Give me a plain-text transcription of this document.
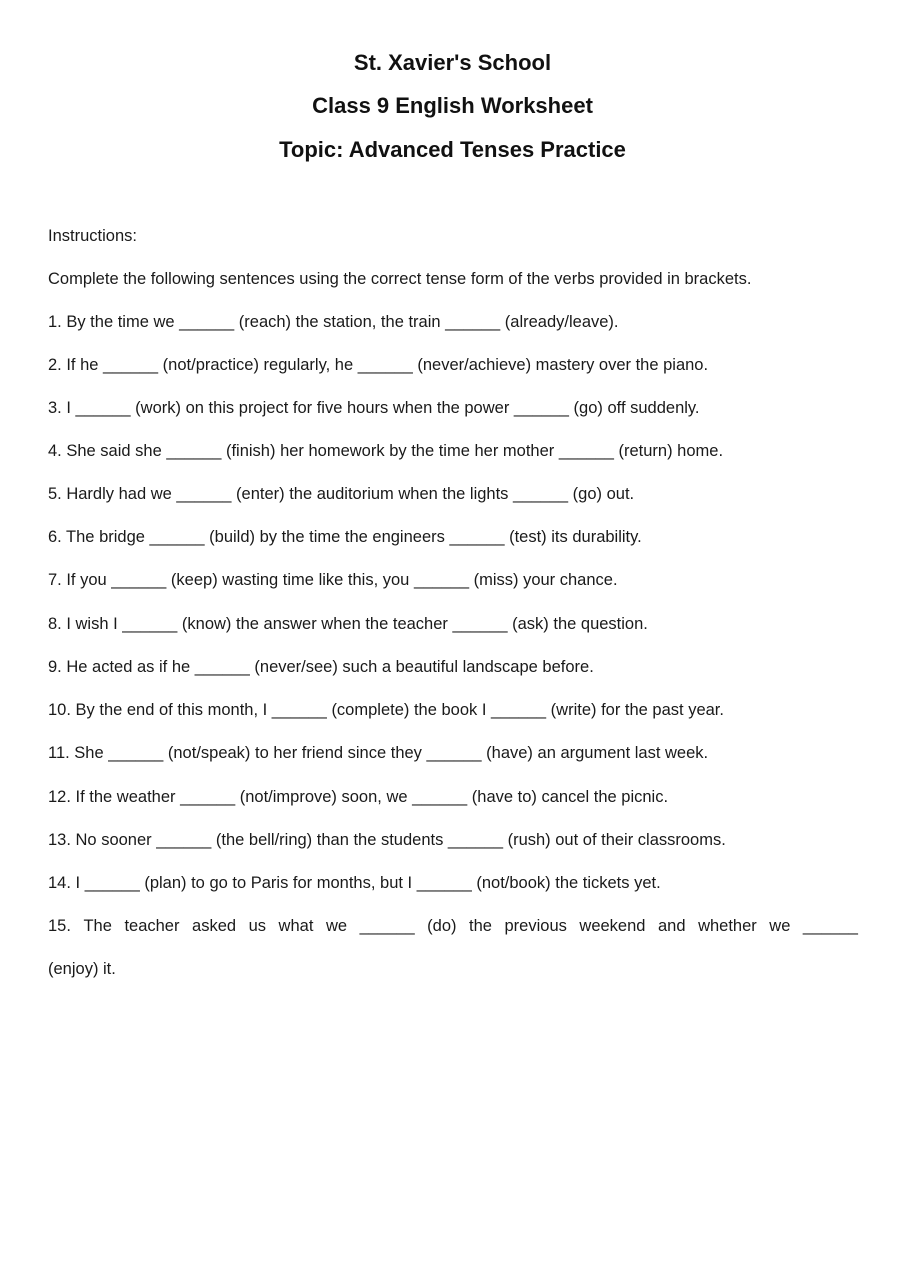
St. Xavier's School
Class 9 English Worksheet
Topic: Advanced Tenses Practice
Instructions:
Complete the following sentences using the correct tense form of the verbs provided in brackets.
1. By the time we ______ (reach) the station, the train ______ (already/leave).
2. If he ______ (not/practice) regularly, he ______ (never/achieve) mastery over the piano.
3. I ______ (work) on this project for five hours when the power ______ (go) off suddenly.
4. She said she ______ (finish) her homework by the time her mother ______ (return) home.
5. Hardly had we ______ (enter) the auditorium when the lights ______ (go) out.
6. The bridge ______ (build) by the time the engineers ______ (test) its durability.
7. If you ______ (keep) wasting time like this, you ______ (miss) your chance.
8. I wish I ______ (know) the answer when the teacher ______ (ask) the question.
9. He acted as if he ______ (never/see) such a beautiful landscape before.
10. By the end of this month, I ______ (complete) the book I ______ (write) for the past year.
11. She ______ (not/speak) to her friend since they ______ (have) an argument last week.
12. If the weather ______ (not/improve) soon, we ______ (have to) cancel the picnic.
13. No sooner ______ (the bell/ring) than the students ______ (rush) out of their classrooms.
14. I ______ (plan) to go to Paris for months, but I ______ (not/book) the tickets yet.
15. The teacher asked us what we ______ (do) the previous weekend and whether we ______
(enjoy) it.
